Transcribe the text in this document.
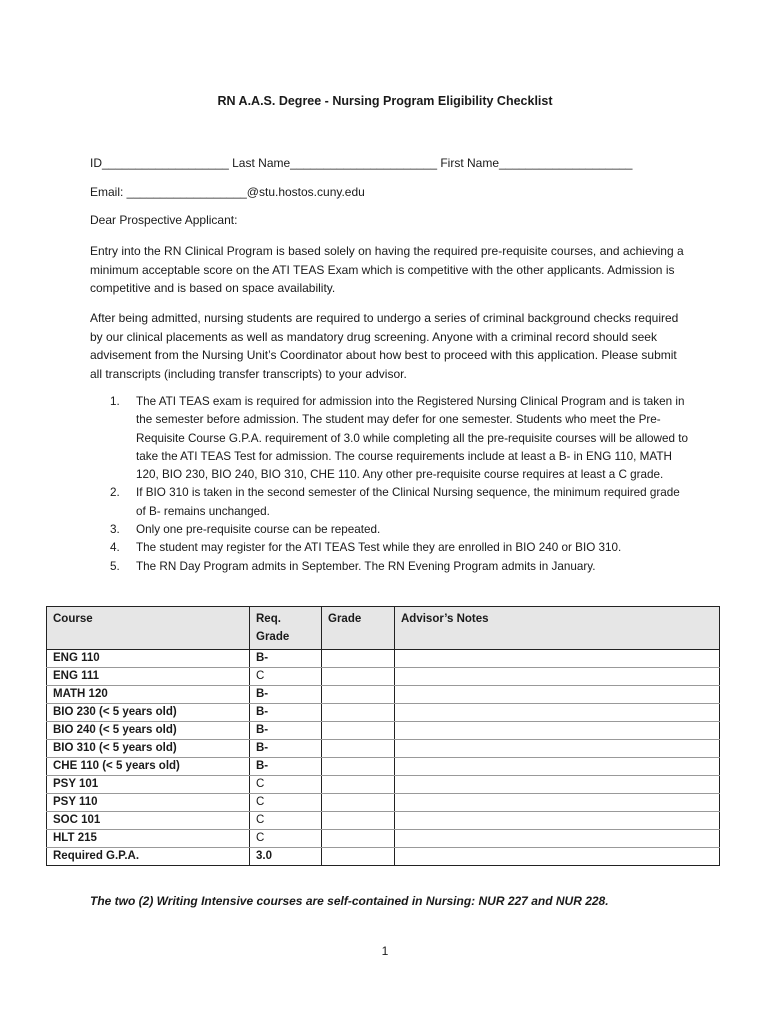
RN A.A.S. Degree - Nursing Program Eligibility Checklist
ID___________________ Last Name______________________ First Name____________________
Email: __________________@stu.hostos.cuny.edu
Dear Prospective Applicant:
Entry into the RN Clinical Program is based solely on having the required pre-requisite courses, and achieving a minimum acceptable score on the ATI TEAS Exam which is competitive with the other applicants. Admission is competitive and is based on space availability.
After being admitted, nursing students are required to undergo a series of criminal background checks required by our clinical placements as well as mandatory drug screening. Anyone with a criminal record should seek advisement from the Nursing Unit’s Coordinator about how best to proceed with this application. Please submit all transcripts (including transfer transcripts) to your advisor.
1. The ATI TEAS exam is required for admission into the Registered Nursing Clinical Program and is taken in the semester before admission. The student may defer for one semester. Students who meet the Pre-Requisite Course G.P.A. requirement of 3.0 while completing all the pre-requisite courses will be allowed to take the ATI TEAS Test for admission. The course requirements include at least a B- in ENG 110, MATH 120, BIO 230, BIO 240, BIO 310, CHE 110. Any other pre-requisite course requires at least a C grade.
2. If BIO 310 is taken in the second semester of the Clinical Nursing sequence, the minimum required grade of B- remains unchanged.
3. Only one pre-requisite course can be repeated.
4. The student may register for the ATI TEAS Test while they are enrolled in BIO 240 or BIO 310.
5. The RN Day Program admits in September. The RN Evening Program admits in January.
Course	Req. Grade	Grade	Advisor’s Notes
ENG 110	B-		
ENG 111	C		
MATH 120	B-		
BIO 230 (< 5 years old)	B-		
BIO 240 (< 5 years old)	B-		
BIO 310 (< 5 years old)	B-		
CHE 110 (< 5 years old)	B-		
PSY 101	C		
PSY 110	C		
SOC 101	C		
HLT 215	C		
Required G.P.A.	3.0		
The two (2) Writing Intensive courses are self-contained in Nursing: NUR 227 and NUR 228.
1
